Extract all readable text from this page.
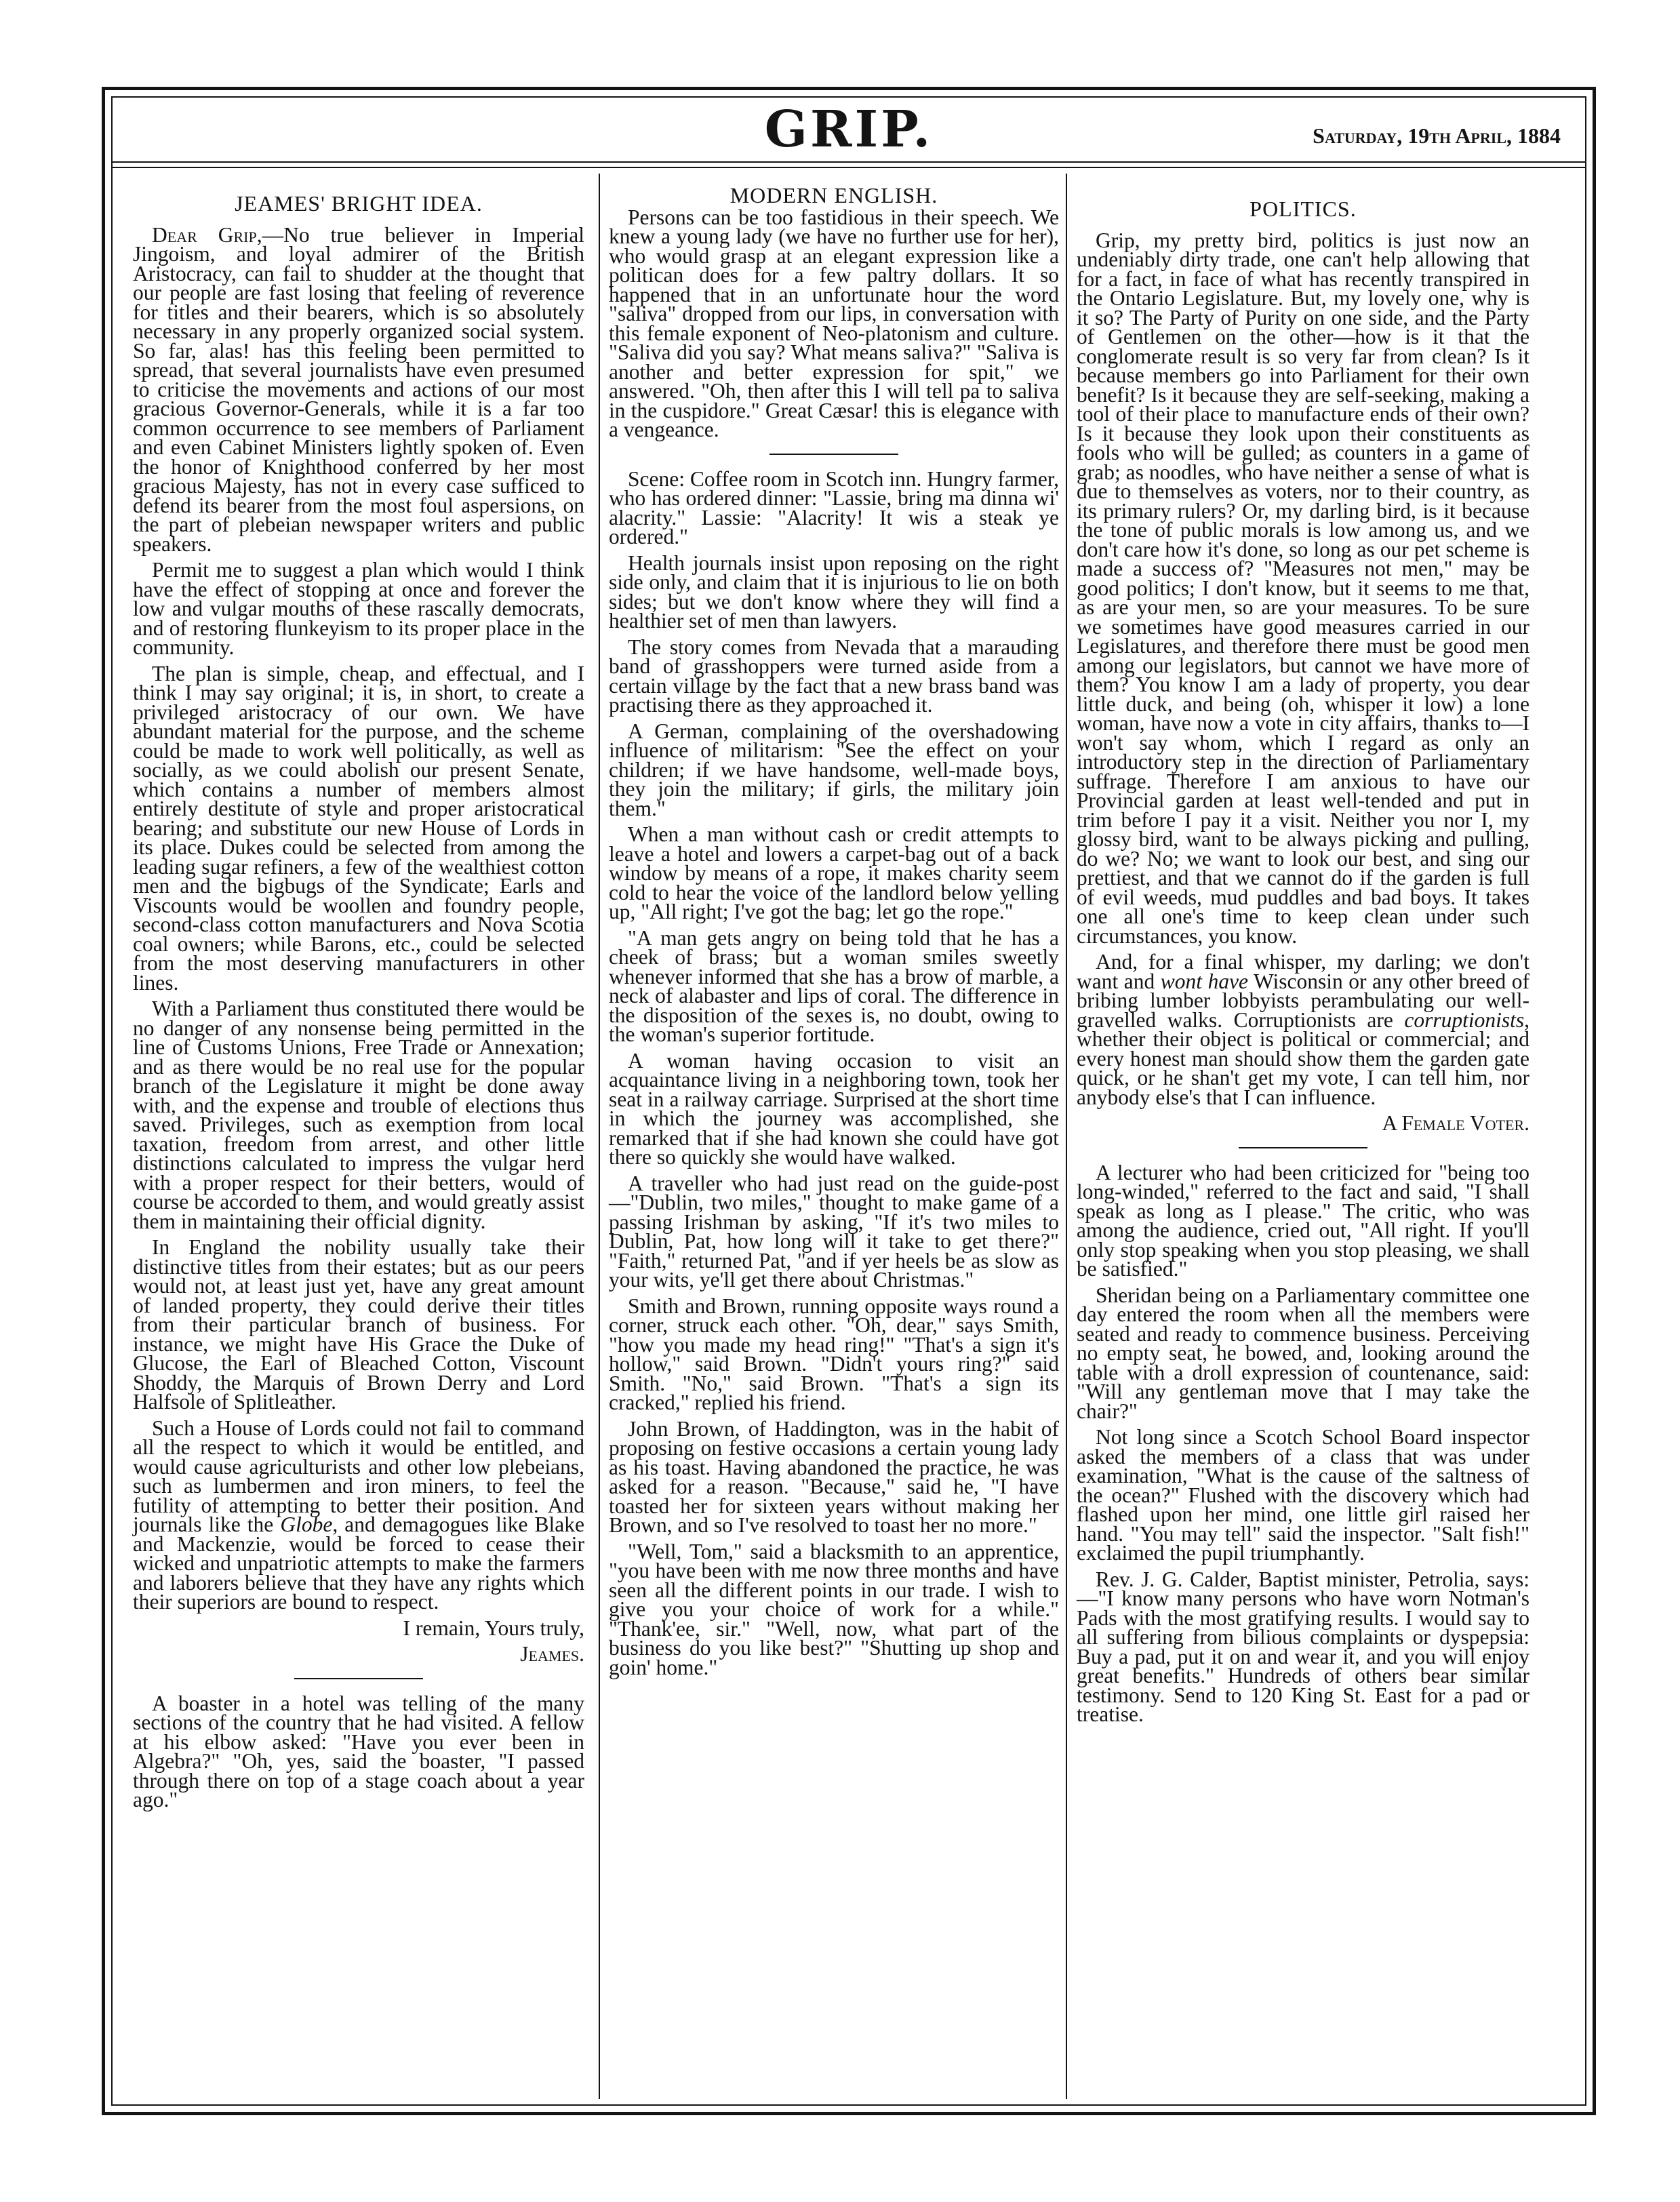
GRIP.	Saturday, 19th April, 1884
JEAMES' BRIGHT IDEA.

Dear Grip,—No true believer in Imperial Jingoism, and loyal admirer of the British Aristocracy, can fail to shudder at the thought that our people are fast losing that feeling of reverence for titles and their bearers, which is so absolutely necessary in any properly organized social system. So far, alas! has this feeling been permitted to spread, that several journalists have even presumed to criticise the movements and actions of our most gracious Governor-Generals, while it is a far too common occurrence to see members of Parliament and even Cabinet Ministers lightly spoken of. Even the honor of Knighthood conferred by her most gracious Majesty, has not in every case sufficed to defend its bearer from the most foul aspersions, on the part of plebeian newspaper writers and public speakers.

Permit me to suggest a plan which would I think have the effect of stopping at once and forever the low and vulgar mouths of these rascally democrats, and of restoring flunkeyism to its proper place in the community.

The plan is simple, cheap, and effectual, and I think I may say original; it is, in short, to create a privileged aristocracy of our own. We have abundant material for the purpose, and the scheme could be made to work well politically, as well as socially, as we could abolish our present Senate, which contains a number of members almost entirely destitute of style and proper aristocratical bearing; and substitute our new House of Lords in its place. Dukes could be selected from among the leading sugar refiners, a few of the wealthiest cotton men and the bigbugs of the Syndicate; Earls and Viscounts would be woollen and foundry people, second-class cotton manufacturers and Nova Scotia coal owners; while Barons, etc., could be selected from the most deserving manufacturers in other lines.

With a Parliament thus constituted there would be no danger of any nonsense being permitted in the line of Customs Unions, Free Trade or Annexation; and as there would be no real use for the popular branch of the Legislature it might be done away with, and the expense and trouble of elections thus saved. Privileges, such as exemption from local taxation, freedom from arrest, and other little distinctions calculated to impress the vulgar herd with a proper respect for their betters, would of course be accorded to them, and would greatly assist them in maintaining their official dignity.

In England the nobility usually take their distinctive titles from their estates; but as our peers would not, at least just yet, have any great amount of landed property, they could derive their titles from their particular branch of business. For instance, we might have His Grace the Duke of Glucose, the Earl of Bleached Cotton, Viscount Shoddy, the Marquis of Brown Derry and Lord Halfsole of Splitleather.

Such a House of Lords could not fail to command all the respect to which it would be entitled, and would cause agriculturists and other low plebeians, such as lumbermen and iron miners, to feel the futility of attempting to better their position. And journals like the Globe, and demagogues like Blake and Mackenzie, would be forced to cease their wicked and unpatriotic attempts to make the farmers and laborers believe that they have any rights which their superiors are bound to respect.

I remain, Yours truly,

Jeames.

A boaster in a hotel was telling of the many sections of the country that he had visited. A fellow at his elbow asked: "Have you ever been in Algebra?" "Oh, yes, said the boaster, "I passed through there on top of a stage coach about a year ago."

MODERN ENGLISH.

Persons can be too fastidious in their speech. We knew a young lady (we have no further use for her), who would grasp at an elegant expression like a politican does for a few paltry dollars. It so happened that in an unfortunate hour the word "saliva" dropped from our lips, in conversation with this female exponent of Neo-platonism and culture. "Saliva did you say? What means saliva?" "Saliva is another and better expression for spit," we answered. "Oh, then after this I will tell pa to saliva in the cuspidore." Great Cæsar! this is elegance with a vengeance.

Scene: Coffee room in Scotch inn. Hungry farmer, who has ordered dinner: "Lassie, bring ma dinna wi' alacrity." Lassie: "Alacrity! It wis a steak ye ordered."

Health journals insist upon reposing on the right side only, and claim that it is injurious to lie on both sides; but we don't know where they will find a healthier set of men than lawyers.

The story comes from Nevada that a marauding band of grasshoppers were turned aside from a certain village by the fact that a new brass band was practising there as they approached it.

A German, complaining of the overshadowing influence of militarism: "See the effect on your children; if we have handsome, well-made boys, they join the military; if girls, the military join them."

When a man without cash or credit attempts to leave a hotel and lowers a carpet-bag out of a back window by means of a rope, it makes charity seem cold to hear the voice of the landlord below yelling up, "All right; I've got the bag; let go the rope."

"A man gets angry on being told that he has a cheek of brass; but a woman smiles sweetly whenever informed that she has a brow of marble, a neck of alabaster and lips of coral. The difference in the disposition of the sexes is, no doubt, owing to the woman's superior fortitude.

A woman having occasion to visit an acquaintance living in a neighboring town, took her seat in a railway carriage. Surprised at the short time in which the journey was accomplished, she remarked that if she had known she could have got there so quickly she would have walked.

A traveller who had just read on the guide-post—"Dublin, two miles," thought to make game of a passing Irishman by asking, "If it's two miles to Dublin, Pat, how long will it take to get there?" "Faith," returned Pat, "and if yer heels be as slow as your wits, ye'll get there about Christmas."

Smith and Brown, running opposite ways round a corner, struck each other. "Oh, dear," says Smith, "how you made my head ring!" "That's a sign it's hollow," said Brown. "Didn't yours ring?" said Smith. "No," said Brown. "That's a sign its cracked," replied his friend.

John Brown, of Haddington, was in the habit of proposing on festive occasions a certain young lady as his toast. Having abandoned the practice, he was asked for a reason. "Because," said he, "I have toasted her for sixteen years without making her Brown, and so I've resolved to toast her no more."

"Well, Tom," said a blacksmith to an apprentice, "you have been with me now three months and have seen all the different points in our trade. I wish to give you your choice of work for a while." "Thank'ee, sir." "Well, now, what part of the business do you like best?" "Shutting up shop and goin' home."

POLITICS.

Grip, my pretty bird, politics is just now an undeniably dirty trade, one can't help allowing that for a fact, in face of what has recently transpired in the Ontario Legislature. But, my lovely one, why is it so? The Party of Purity on one side, and the Party of Gentlemen on the other—how is it that the conglomerate result is so very far from clean? Is it because members go into Parliament for their own benefit? Is it because they are self-seeking, making a tool of their place to manufacture ends of their own? Is it because they look upon their constituents as fools who will be gulled; as counters in a game of grab; as noodles, who have neither a sense of what is due to themselves as voters, nor to their country, as its primary rulers? Or, my darling bird, is it because the tone of public morals is low among us, and we don't care how it's done, so long as our pet scheme is made a success of? "Measures not men," may be good politics; I don't know, but it seems to me that, as are your men, so are your measures. To be sure we sometimes have good measures carried in our Legislatures, and therefore there must be good men among our legislators, but cannot we have more of them? You know I am a lady of property, you dear little duck, and being (oh, whisper it low) a lone woman, have now a vote in city affairs, thanks to—I won't say whom, which I regard as only an introductory step in the direction of Parliamentary suffrage. Therefore I am anxious to have our Provincial garden at least well-tended and put in trim before I pay it a visit. Neither you nor I, my glossy bird, want to be always picking and pulling, do we? No; we want to look our best, and sing our prettiest, and that we cannot do if the garden is full of evil weeds, mud puddles and bad boys. It takes one all one's time to keep clean under such circumstances, you know.

And, for a final whisper, my darling; we don't want and wont have Wisconsin or any other breed of bribing lumber lobbyists perambulating our well-gravelled walks. Corruptionists are corruptionists, whether their object is political or commercial; and every honest man should show them the garden gate quick, or he shan't get my vote, I can tell him, nor anybody else's that I can influence.

A Female Voter.

A lecturer who had been criticized for "being too long-winded," referred to the fact and said, "I shall speak as long as I please." The critic, who was among the audience, cried out, "All right. If you'll only stop speaking when you stop pleasing, we shall be satisfied."

Sheridan being on a Parliamentary committee one day entered the room when all the members were seated and ready to commence business. Perceiving no empty seat, he bowed, and, looking around the table with a droll expression of countenance, said: "Will any gentleman move that I may take the chair?"

Not long since a Scotch School Board inspector asked the members of a class that was under examination, "What is the cause of the saltness of the ocean?" Flushed with the discovery which had flashed upon her mind, one little girl raised her hand. "You may tell" said the inspector. "Salt fish!" exclaimed the pupil triumphantly.

Rev. J. G. Calder, Baptist minister, Petrolia, says:—"I know many persons who have worn Notman's Pads with the most gratifying results. I would say to all suffering from bilious complaints or dyspepsia: Buy a pad, put it on and wear it, and you will enjoy great benefits." Hundreds of others bear similar testimony. Send to 120 King St. East for a pad or treatise.
